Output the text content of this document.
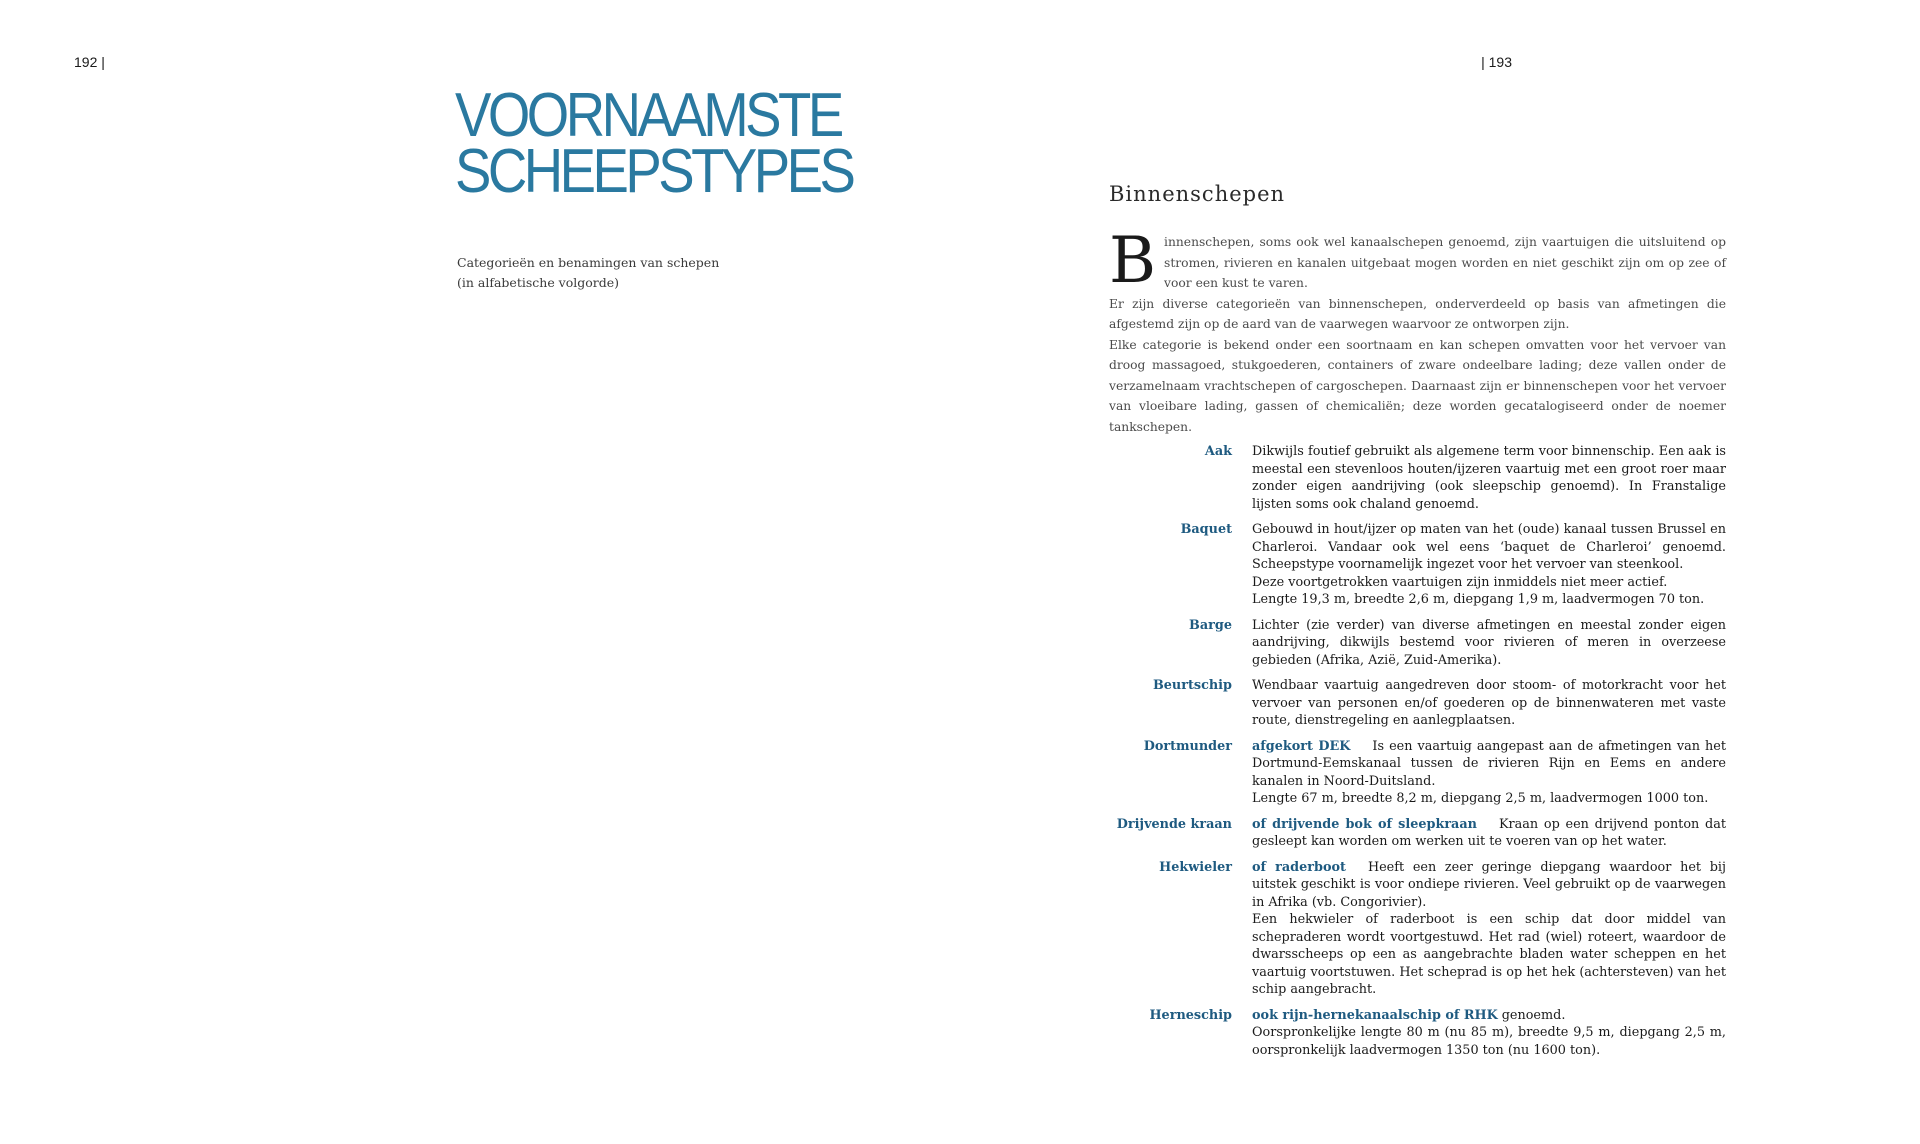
192 |	| 193
VOORNAAMSTE
SCHEEPSTYPES
Categorieën en benamingen van schepen
(in alfabetische volgorde)
Binnenschepen
B innenschepen, soms ook wel kanaalschepen genoemd, zijn vaartuigen die uitsluitend op stromen, rivieren en kanalen uitgebaat mogen worden en niet geschikt zijn om op zee of voor een kust te varen.

Er zijn diverse categorieën van binnenschepen, onderverdeeld op basis van afmetingen die afgestemd zijn op de aard van de vaarwegen waarvoor ze ontworpen zijn.

Elke categorie is bekend onder een soortnaam en kan schepen omvatten voor het vervoer van droog massagoed, stukgoederen, containers of zware ondeelbare lading; deze vallen onder de verzamelnaam vrachtschepen of cargoschepen. Daarnaast zijn er binnenschepen voor het vervoer van vloeibare lading, gassen of chemicaliën; deze worden gecatalogiseerd onder de noemer tankschepen.

Aak Dikwijls foutief gebruikt als algemene term voor binnenschip. Een aak is meestal een stevenloos houten/ijzeren vaartuig met een groot roer maar zonder eigen aandrijving (ook sleepschip genoemd). In Franstalige lijsten soms ook chaland genoemd.

Baquet Gebouwd in hout/ijzer op maten van het (oude) kanaal tussen Brussel en Charleroi. Vandaar ook wel eens ‘baquet de Charleroi’ genoemd. Scheepstype voornamelijk ingezet voor het vervoer van steenkool.

Deze voortgetrokken vaartuigen zijn inmiddels niet meer actief.

Lengte 19,3 m, breedte 2,6 m, diepgang 1,9 m, laadvermogen 70 ton.

Barge Lichter (zie verder) van diverse afmetingen en meestal zonder eigen aandrijving, dikwijls bestemd voor rivieren of meren in overzeese gebieden (Afrika, Azië, Zuid-Amerika).

Beurtschip Wendbaar vaartuig aangedreven door stoom- of motorkracht voor het vervoer van personen en/of goederen op de binnenwateren met vaste route, dienstregeling en aanlegplaatsen.

Dortmunder afgekort DEK Is een vaartuig aangepast aan de afmetingen van het Dortmund-Eemskanaal tussen de rivieren Rijn en Eems en andere kanalen in Noord-Duitsland.

Lengte 67 m, breedte 8,2 m, diepgang 2,5 m, laadvermogen 1000 ton.

Drijvende kraan of drijvende bok of sleepkraan Kraan op een drijvend ponton dat gesleept kan worden om werken uit te voeren van op het water.

Hekwieler of raderboot Heeft een zeer geringe diepgang waardoor het bij uitstek geschikt is voor ondiepe rivieren. Veel gebruikt op de vaarwegen in Afrika (vb. Congorivier).

Een hekwieler of raderboot is een schip dat door middel van schepraderen wordt voortgestuwd. Het rad (wiel) roteert, waardoor de dwarsscheeps op een as aangebrachte bladen water scheppen en het vaartuig voortstuwen. Het scheprad is op het hek (achtersteven) van het schip aangebracht.

Herneschip ook rijn-hernekanaalschip of RHK genoemd.

Oorspronkelijke lengte 80 m (nu 85 m), breedte 9,5 m, diepgang 2,5 m, oorspronkelijk laadvermogen 1350 ton (nu 1600 ton).
